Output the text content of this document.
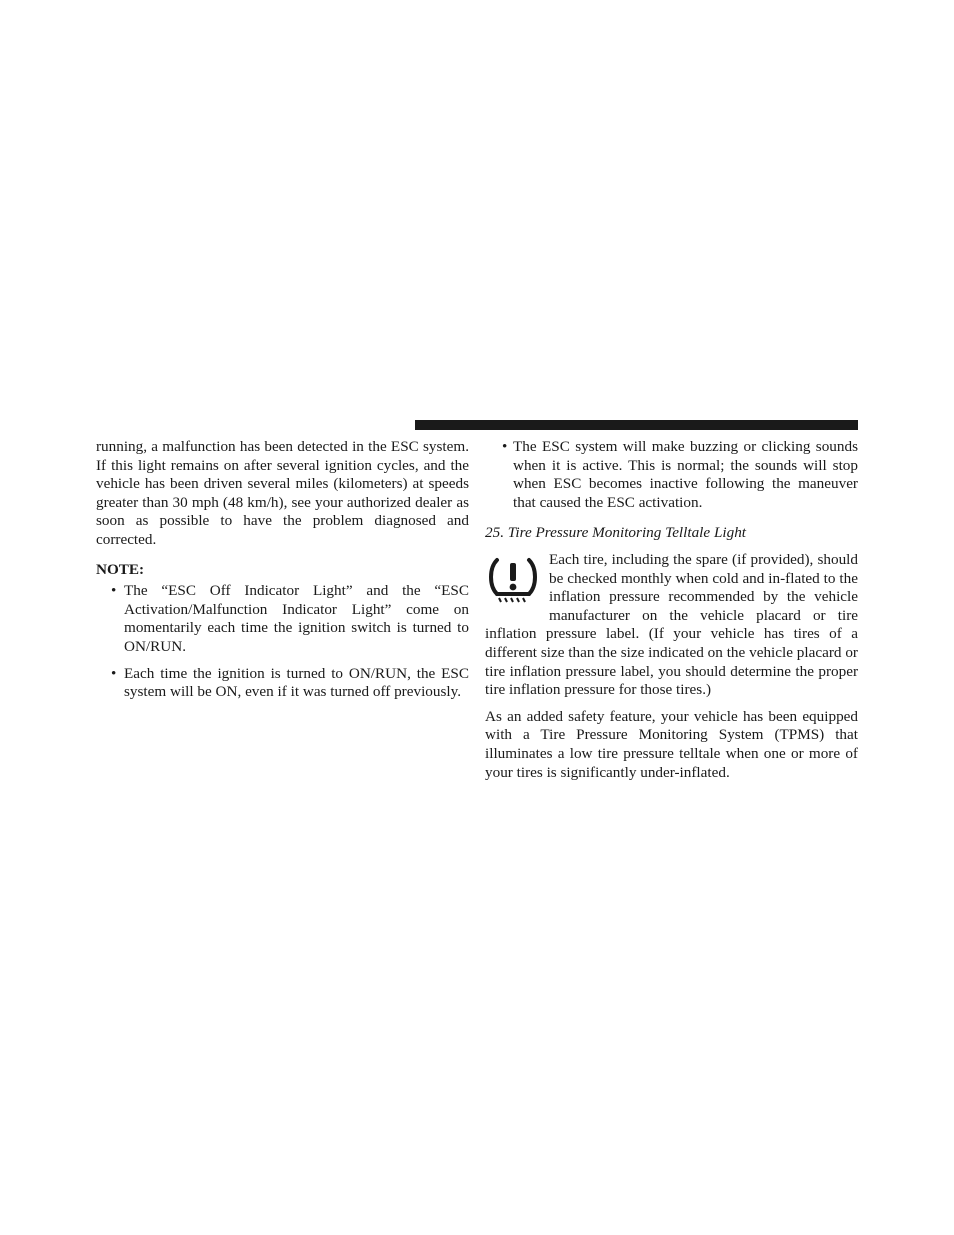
running, a malfunction has been detected in the ESC system. If this light remains on after several ignition cycles, and the vehicle has been driven several miles (kilometers) at speeds greater than 30 mph (48 km/h), see your authorized dealer as soon as possible to have the problem diagnosed and corrected.

NOTE:
• The “ESC Off Indicator Light” and the “ESC Activation/Malfunction Indicator Light” come on momentarily each time the ignition switch is turned to ON/RUN.

• Each time the ignition is turned to ON/RUN, the ESC system will be ON, even if it was turned off previously.

• The ESC system will make buzzing or clicking sounds when it is active. This is normal; the sounds will stop when ESC becomes inactive following the maneuver that caused the ESC activation.

25. Tire Pressure Monitoring Telltale Light

Each tire, including the spare (if provided), should be checked monthly when cold and in-flated to the inflation pressure recommended by the vehicle manufacturer on the vehicle placard or tire inflation pressure label. (If your vehicle has tires of a different size than the size indicated on the vehicle placard or tire inflation pressure label, you should determine the proper tire inflation pressure for those tires.)

As an added safety feature, your vehicle has been equipped with a Tire Pressure Monitoring System (TPMS) that illuminates a low tire pressure telltale when one or more of your tires is significantly under-inflated.
